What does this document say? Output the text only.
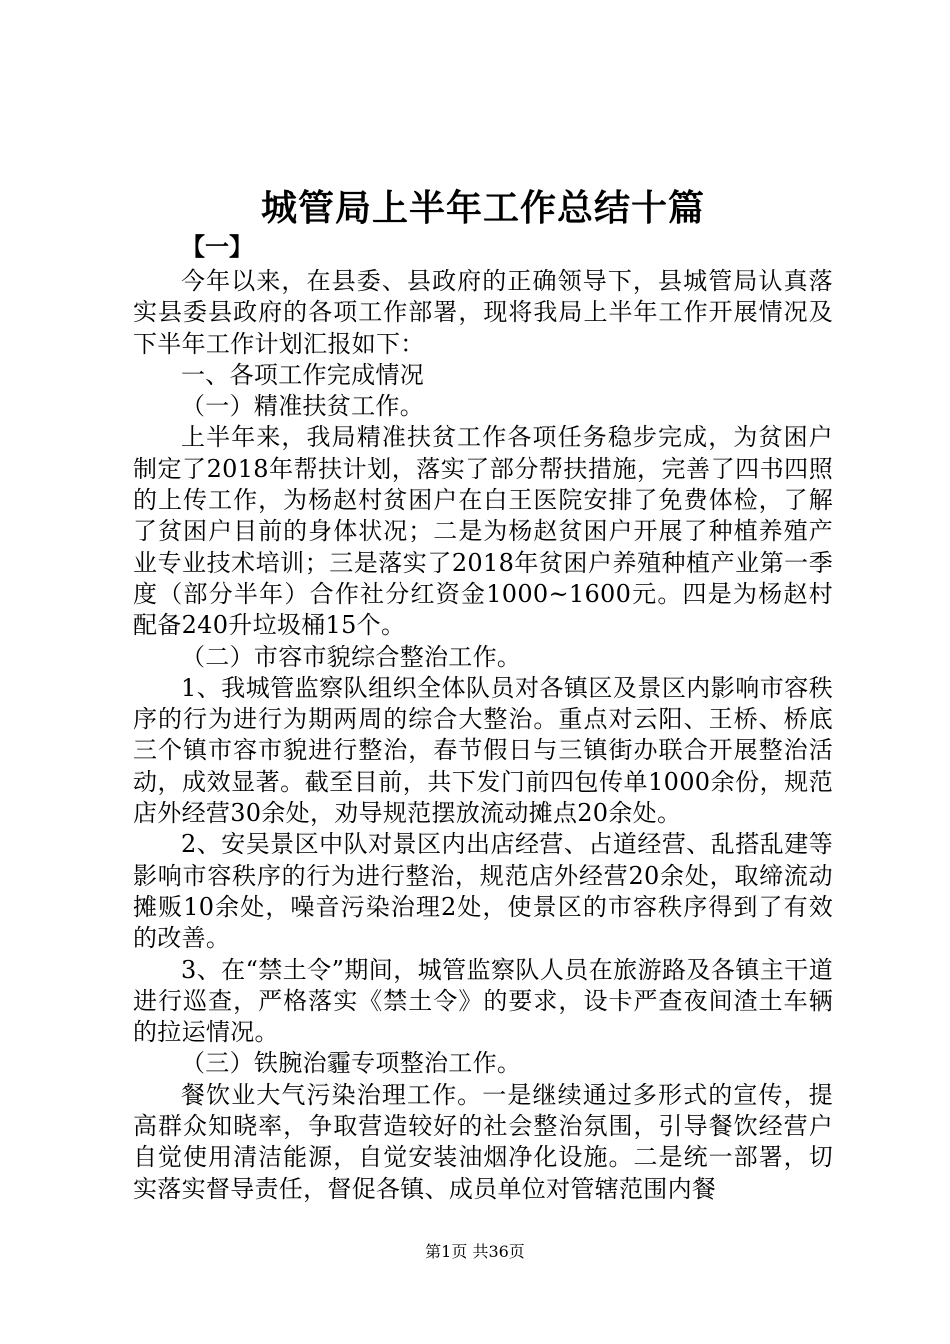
城管局上半年工作总结十篇
【一】

今年以来，在县委、县政府的正确领导下，县城管局认真落实县委县政府的各项工作部署，现将我局上半年工作开展情况及下半年工作计划汇报如下：

一、各项工作完成情况

（一）精准扶贫工作。

上半年来，我局精准扶贫工作各项任务稳步完成，为贫困户制定了2018年帮扶计划，落实了部分帮扶措施，完善了四书四照的上传工作，为杨赵村贫困户在白王医院安排了免费体检，了解了贫困户目前的身体状况；二是为杨赵贫困户开展了种植养殖产业专业技术培训；三是落实了2018年贫困户养殖种植产业第一季度（部分半年）合作社分红资金1000~1600元。四是为杨赵村配备240升垃圾桶15个。

（二）市容市貌综合整治工作。

1、我城管监察队组织全体队员对各镇区及景区内影响市容秩序的行为进行为期两周的综合大整治。重点对云阳、王桥、桥底三个镇市容市貌进行整治，春节假日与三镇街办联合开展整治活动，成效显著。截至目前，共下发门前四包传单1000余份，规范店外经营30余处，劝导规范摆放流动摊点20余处。

2、安吴景区中队对景区内出店经营、占道经营、乱搭乱建等影响市容秩序的行为进行整治，规范店外经营20余处，取缔流动摊贩10余处，噪音污染治理2处，使景区的市容秩序得到了有效的改善。

3、在“禁土令”期间，城管监察队人员在旅游路及各镇主干道进行巡查，严格落实《禁土令》的要求，设卡严查夜间渣土车辆的拉运情况。

（三）铁腕治霾专项整治工作。

餐饮业大气污染治理工作。一是继续通过多形式的宣传，提高群众知晓率，争取营造较好的社会整治氛围，引导餐饮经营户自觉使用清洁能源，自觉安装油烟净化设施。二是统一部署，切实落实督导责任，督促各镇、成员单位对管辖范围内餐

第1页 共36页
